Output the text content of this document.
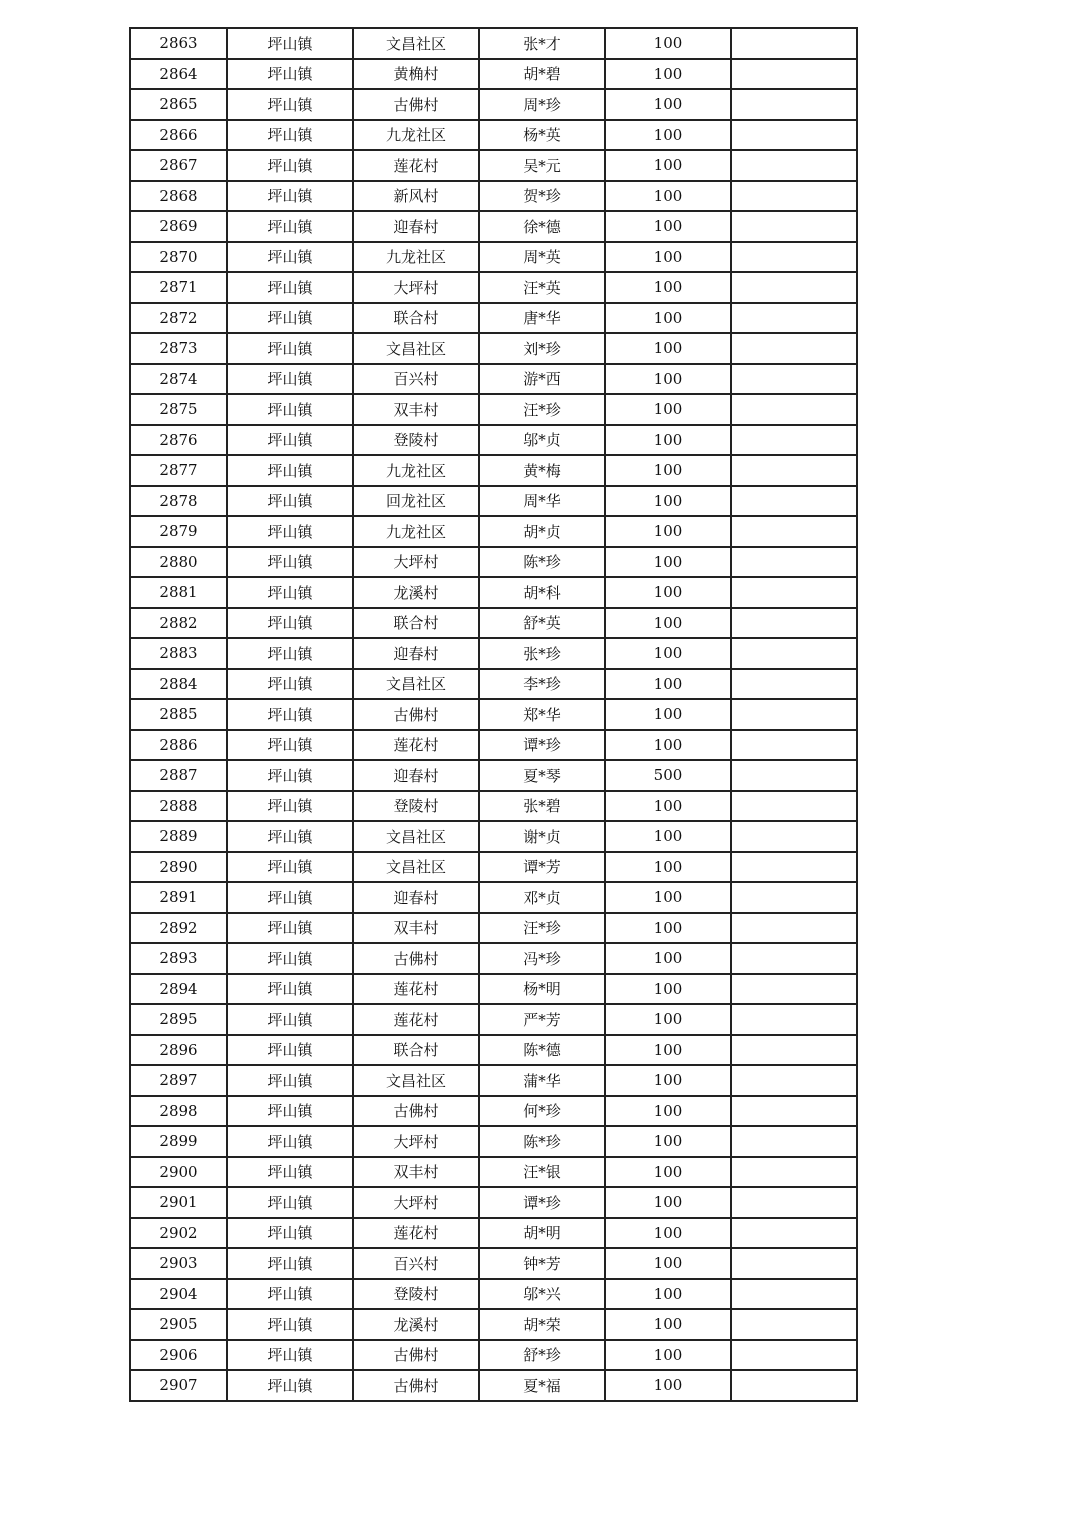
2863	坪山镇	文昌社区	张*才	100	
2864	坪山镇	黄桷村	胡*碧	100	
2865	坪山镇	古佛村	周*珍	100	
2866	坪山镇	九龙社区	杨*英	100	
2867	坪山镇	莲花村	吴*元	100	
2868	坪山镇	新风村	贺*珍	100	
2869	坪山镇	迎春村	徐*德	100	
2870	坪山镇	九龙社区	周*英	100	
2871	坪山镇	大坪村	汪*英	100	
2872	坪山镇	联合村	唐*华	100	
2873	坪山镇	文昌社区	刘*珍	100	
2874	坪山镇	百兴村	游*西	100	
2875	坪山镇	双丰村	汪*珍	100	
2876	坪山镇	登陵村	邬*贞	100	
2877	坪山镇	九龙社区	黄*梅	100	
2878	坪山镇	回龙社区	周*华	100	
2879	坪山镇	九龙社区	胡*贞	100	
2880	坪山镇	大坪村	陈*珍	100	
2881	坪山镇	龙溪村	胡*科	100	
2882	坪山镇	联合村	舒*英	100	
2883	坪山镇	迎春村	张*珍	100	
2884	坪山镇	文昌社区	李*珍	100	
2885	坪山镇	古佛村	郑*华	100	
2886	坪山镇	莲花村	谭*珍	100	
2887	坪山镇	迎春村	夏*琴	500	
2888	坪山镇	登陵村	张*碧	100	
2889	坪山镇	文昌社区	谢*贞	100	
2890	坪山镇	文昌社区	谭*芳	100	
2891	坪山镇	迎春村	邓*贞	100	
2892	坪山镇	双丰村	汪*珍	100	
2893	坪山镇	古佛村	冯*珍	100	
2894	坪山镇	莲花村	杨*明	100	
2895	坪山镇	莲花村	严*芳	100	
2896	坪山镇	联合村	陈*德	100	
2897	坪山镇	文昌社区	蒲*华	100	
2898	坪山镇	古佛村	何*珍	100	
2899	坪山镇	大坪村	陈*珍	100	
2900	坪山镇	双丰村	汪*银	100	
2901	坪山镇	大坪村	谭*珍	100	
2902	坪山镇	莲花村	胡*明	100	
2903	坪山镇	百兴村	钟*芳	100	
2904	坪山镇	登陵村	邬*兴	100	
2905	坪山镇	龙溪村	胡*荣	100	
2906	坪山镇	古佛村	舒*珍	100	
2907	坪山镇	古佛村	夏*福	100	
